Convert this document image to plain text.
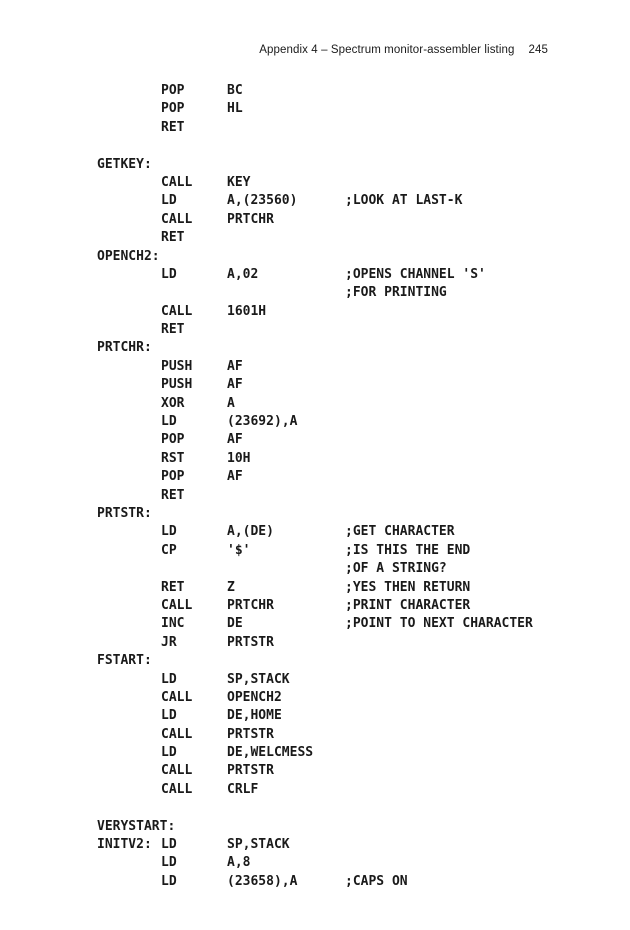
Appendix 4 – Spectrum monitor-assembler listing 245
POP	BC
POP	HL
RET
GETKEY:
CALL	KEY
LD	A,(23560)	;LOOK AT LAST-K
CALL	PRTCHR
RET
OPENCH2:
LD	A,02	;OPENS CHANNEL 'S'
;FOR PRINTING
CALL	1601H
RET
PRTCHR:
PUSH	AF
PUSH	AF
XOR	A
LD	(23692),A
POP	AF
RST	10H
POP	AF
RET
PRTSTR:
LD	A,(DE)	;GET CHARACTER
CP	'$'	;IS THIS THE END
;OF A STRING?
RET	Z	;YES THEN RETURN
CALL	PRTCHR	;PRINT CHARACTER
INC	DE	;POINT TO NEXT CHARACTER
JR	PRTSTR
FSTART:
LD	SP,STACK
CALL	OPENCH2
LD	DE,HOME
CALL	PRTSTR
LD	DE,WELCMESS
CALL	PRTSTR
CALL	CRLF
VERYSTART:
INITV2: LD	SP,STACK
LD	A,8
LD	(23658),A	;CAPS ON
